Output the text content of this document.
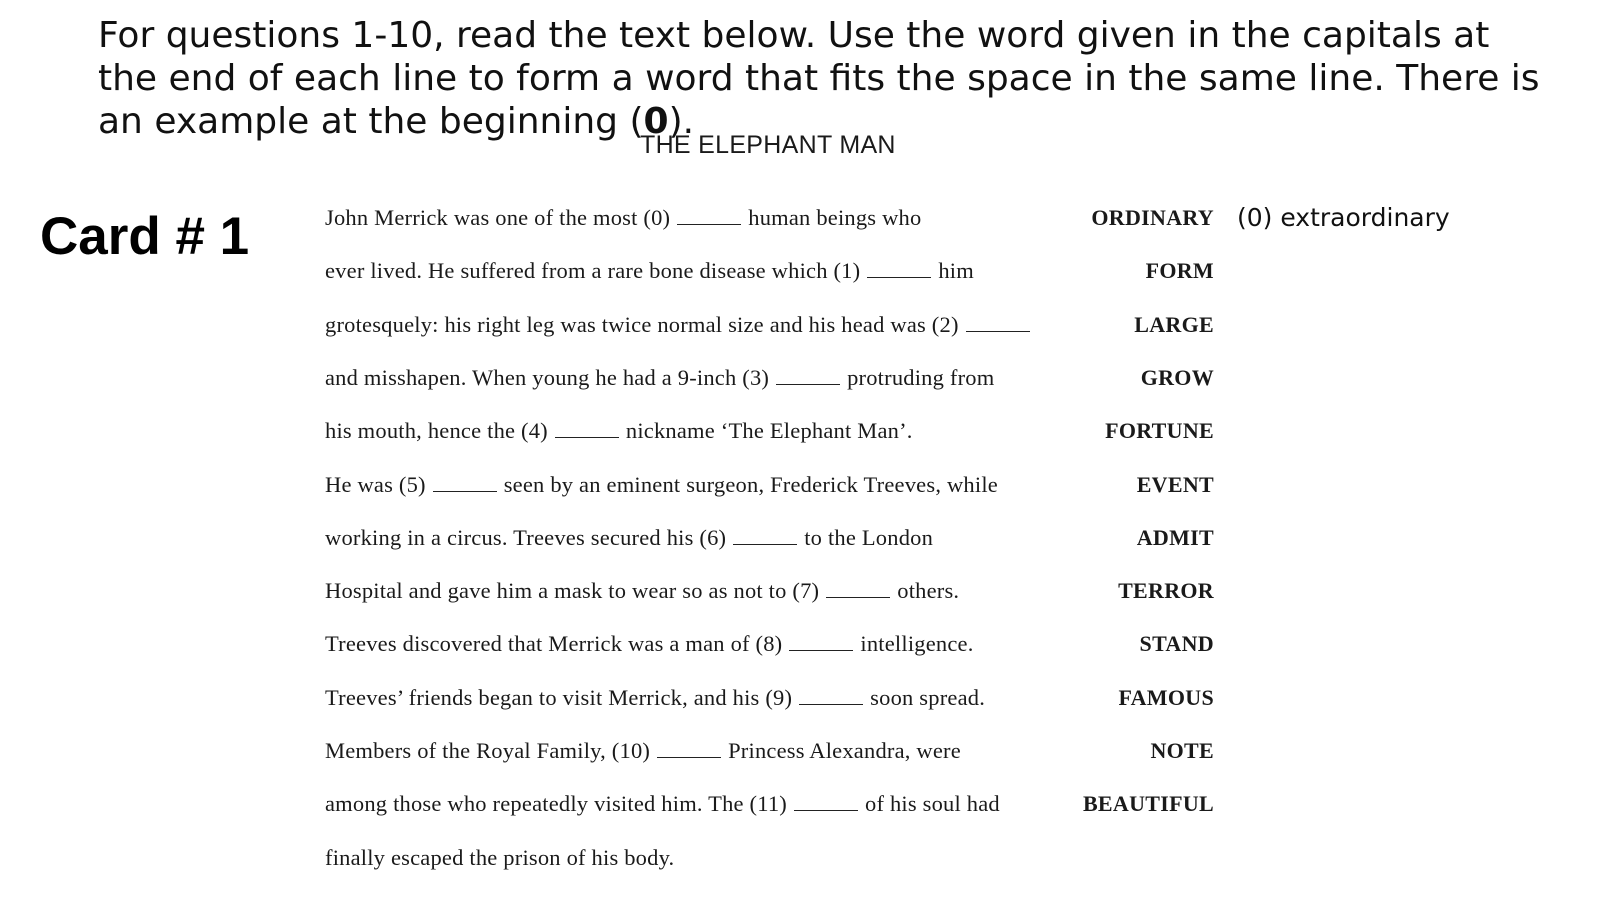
For questions 1-10, read the text below. Use the word given in the capitals at the end of each line to form a word that fits the space in the same line. There is an example at the beginning (0).
THE ELEPHANT MAN
Card # 1	John Merrick was one of the most (0)	human beings who	ORDINARY (0) extraordinary
ever lived. He suffered from a rare bone disease which (1)	him	FORM
grotesquely: his right leg was twice normal size and his head was (2)	LARGE
and misshapen. When young he had a 9-inch (3)	protruding from	GROW
his mouth, hence the (4)	nickname ‘The Elephant Man’.	FORTUNE
He was (5)	seen by an eminent surgeon, Frederick Treeves, while	EVENT
working in a circus. Treeves secured his (6)	to the London	ADMIT
Hospital and gave him a mask to wear so as not to (7)	others.	TERROR
Treeves discovered that Merrick was a man of (8)	intelligence.	STAND
Treeves’ friends began to visit Merrick, and his (9)	soon spread.	FAMOUS
Members of the Royal Family, (10)	Princess Alexandra, were	NOTE
among those who repeatedly visited him. The (11)	of his soul had	BEAUTIFUL
finally escaped the prison of his body.
